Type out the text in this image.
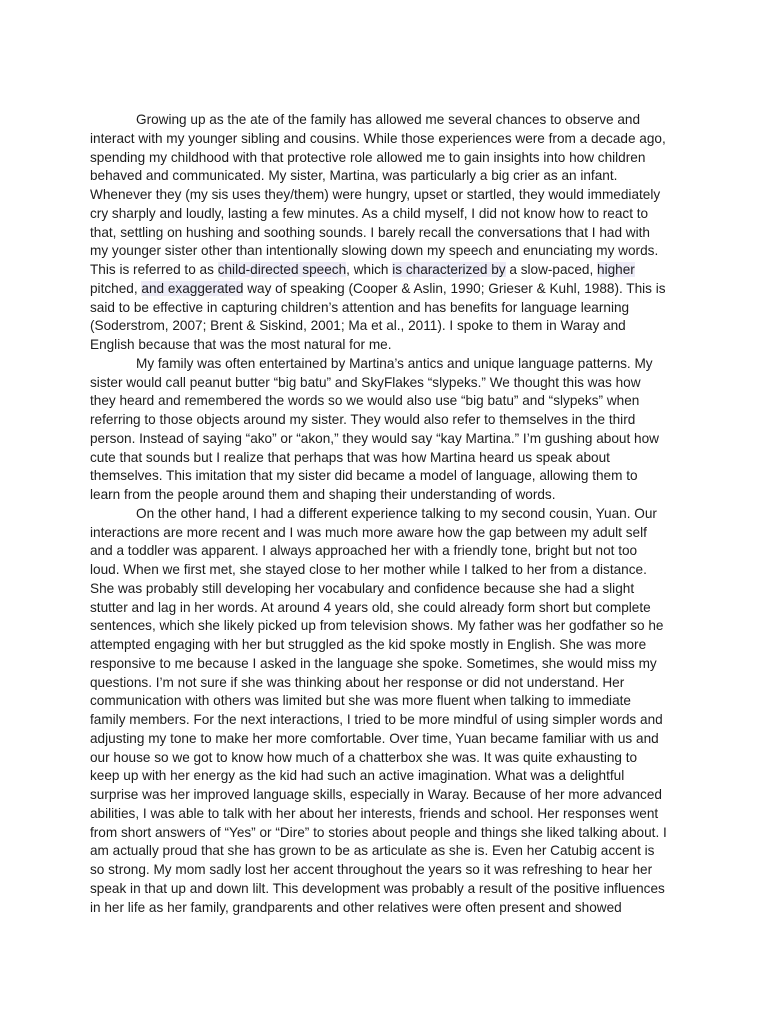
Growing up as the ate of the family has allowed me several chances to observe and
interact with my younger sibling and cousins. While those experiences were from a decade ago,
spending my childhood with that protective role allowed me to gain insights into how children
behaved and communicated. My sister, Martina, was particularly a big crier as an infant.
Whenever they (my sis uses they/them) were hungry, upset or startled, they would immediately
cry sharply and loudly, lasting a few minutes. As a child myself, I did not know how to react to
that, settling on hushing and soothing sounds. I barely recall the conversations that I had with
my younger sister other than intentionally slowing down my speech and enunciating my words.
This is referred to as child-directed speech, which is characterized by a slow-paced, higher
pitched, and exaggerated way of speaking (Cooper & Aslin, 1990; Grieser & Kuhl, 1988). This is
said to be effective in capturing children’s attention and has benefits for language learning
(Soderstrom, 2007; Brent & Siskind, 2001; Ma et al., 2011). I spoke to them in Waray and
English because that was the most natural for me.
My family was often entertained by Martina’s antics and unique language patterns. My
sister would call peanut butter “big batu” and SkyFlakes “slypeks.” We thought this was how
they heard and remembered the words so we would also use “big batu” and “slypeks” when
referring to those objects around my sister. They would also refer to themselves in the third
person. Instead of saying “ako” or “akon,” they would say “kay Martina.” I’m gushing about how
cute that sounds but I realize that perhaps that was how Martina heard us speak about
themselves. This imitation that my sister did became a model of language, allowing them to
learn from the people around them and shaping their understanding of words.
On the other hand, I had a different experience talking to my second cousin, Yuan. Our
interactions are more recent and I was much more aware how the gap between my adult self
and a toddler was apparent. I always approached her with a friendly tone, bright but not too
loud. When we first met, she stayed close to her mother while I talked to her from a distance.
She was probably still developing her vocabulary and confidence because she had a slight
stutter and lag in her words. At around 4 years old, she could already form short but complete
sentences, which she likely picked up from television shows. My father was her godfather so he
attempted engaging with her but struggled as the kid spoke mostly in English. She was more
responsive to me because I asked in the language she spoke. Sometimes, she would miss my
questions. I’m not sure if she was thinking about her response or did not understand. Her
communication with others was limited but she was more fluent when talking to immediate
family members. For the next interactions, I tried to be more mindful of using simpler words and
adjusting my tone to make her more comfortable. Over time, Yuan became familiar with us and
our house so we got to know how much of a chatterbox she was. It was quite exhausting to
keep up with her energy as the kid had such an active imagination. What was a delightful
surprise was her improved language skills, especially in Waray. Because of her more advanced
abilities, I was able to talk with her about her interests, friends and school. Her responses went
from short answers of “Yes” or “Dire” to stories about people and things she liked talking about. I
am actually proud that she has grown to be as articulate as she is. Even her Catubig accent is
so strong. My mom sadly lost her accent throughout the years so it was refreshing to hear her
speak in that up and down lilt. This development was probably a result of the positive influences
in her life as her family, grandparents and other relatives were often present and showed
